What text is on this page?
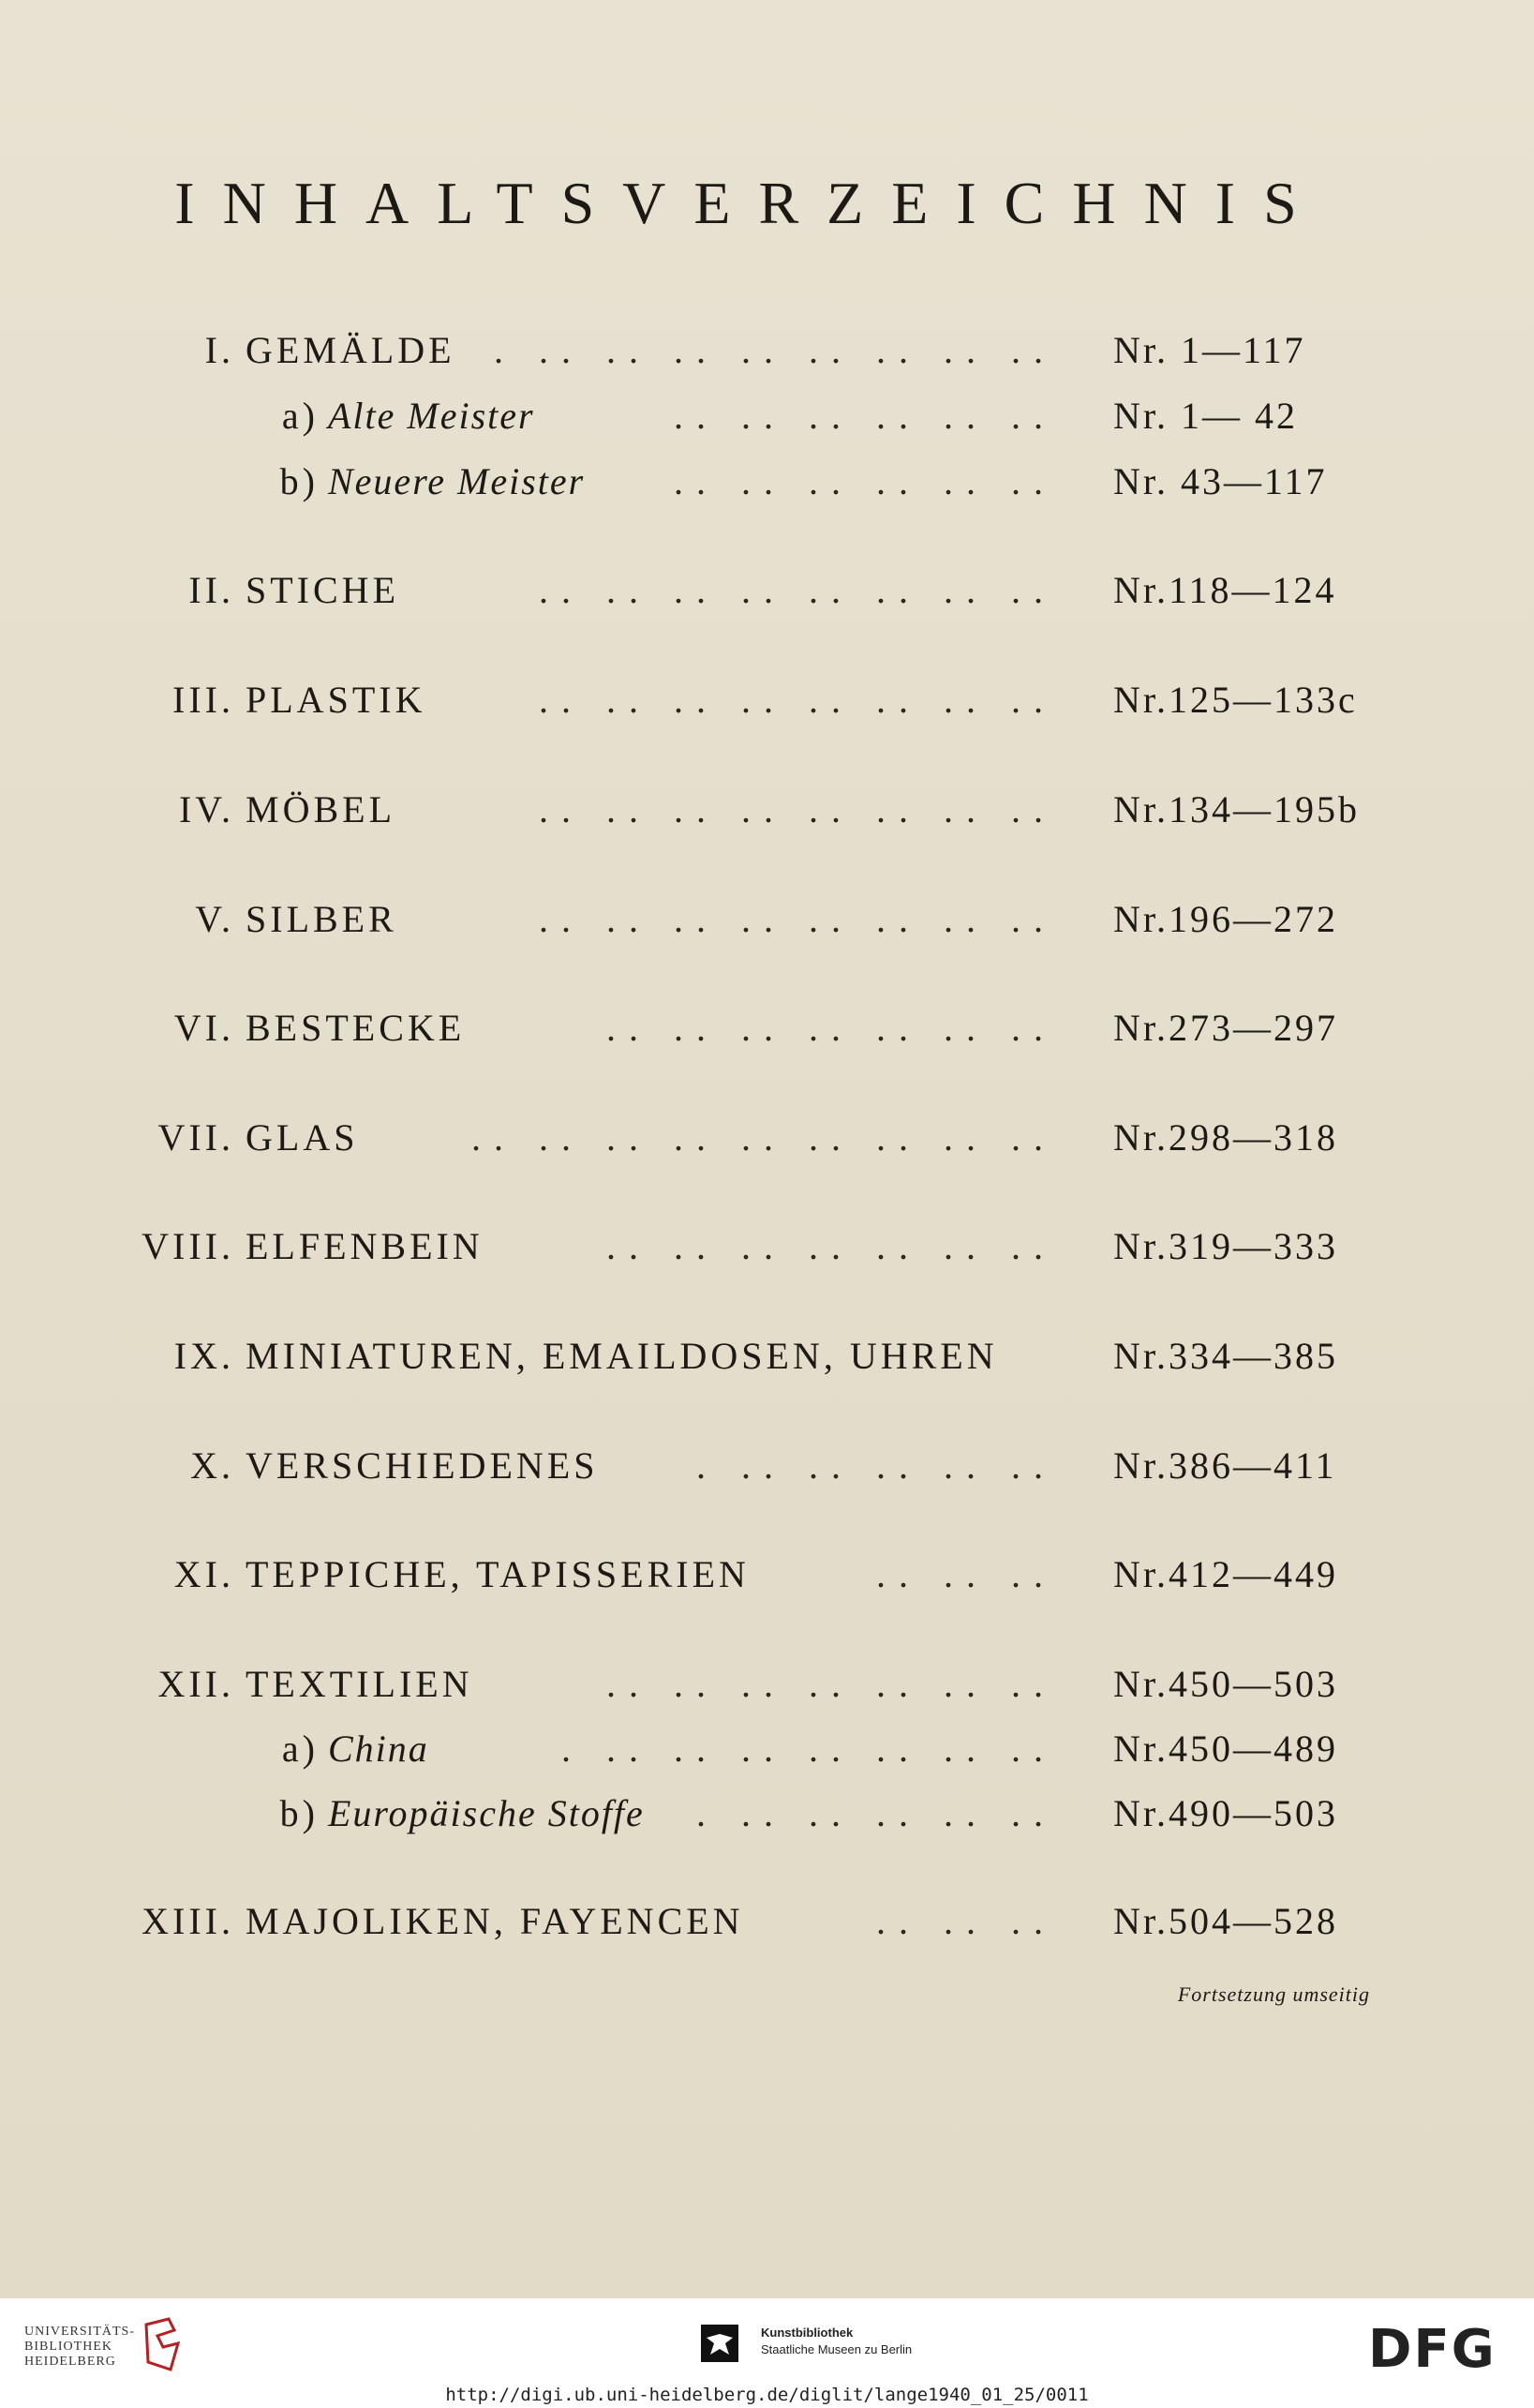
INHALTSVERZEICHNIS
I. GEMÄLDE . .. .. .. .. .. .. .. .. Nr. 1—117
a) Alte Meister	.. .. .. .. .. .. Nr. 1— 42
b) Neuere Meister .. .. .. .. .. .. Nr. 43—117
II. STICHE	.. .. .. .. .. .. .. .. Nr.118—124
III. PLASTIK	.. .. .. .. .. .. .. .. Nr.125—133c
IV. MÖBEL	.. .. .. .. .. .. .. .. Nr.134—195b
V. SILBER	.. .. .. .. .. .. .. .. Nr.196—272
VI. BESTECKE	.. .. .. .. .. .. .. Nr.273—297
VII. GLAS	.. .. .. .. .. .. .. .. .. Nr.298—318
VIII. ELFENBEIN	.. .. .. .. .. .. .. Nr.319—333
IX. MINIATUREN, EMAILDOSEN, UHREN	Nr.334—385
X. VERSCHIEDENES	. .. .. .. .. .. Nr.386—411
XI. TEPPICHE, TAPISSERIEN	.. .. .. Nr.412—449
XII. TEXTILIEN	.. .. .. .. .. .. .. Nr.450—503
a) China	. .. .. .. .. .. .. .. Nr.450—489
b) Europäische Stoffe . .. .. .. .. .. Nr.490—503
XIII. MAJOLIKEN, FAYENCEN	.. .. .. Nr.504—528
Fortsetzung umseitig
UNIVERSITÄTS-
BIBLIOTHEK
HEIDELBERG
Kunstbibliothek
Staatliche Museen zu Berlin	DFG
http://digi.ub.uni-heidelberg.de/diglit/lange1940_01_25/0011
